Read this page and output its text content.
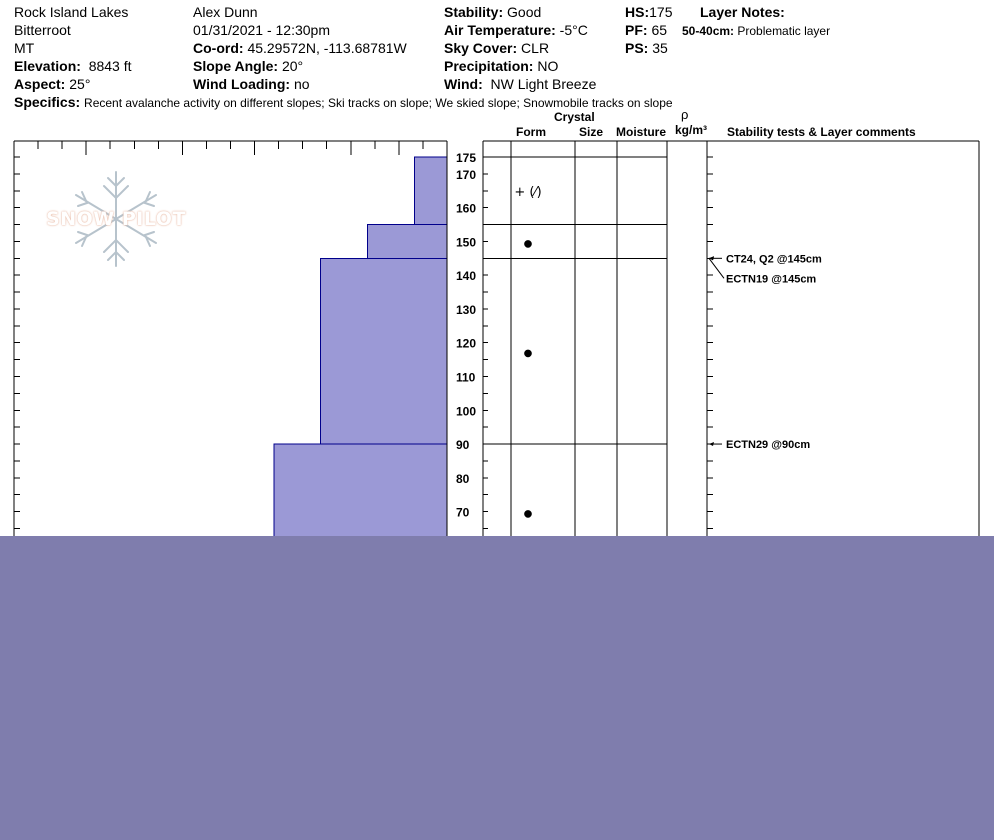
Rock Island Lakes
Bitterroot
MT
Elevation: 8843 ft
Aspect: 25°
Alex Dunn
01/31/2021 - 12:30pm
Co-ord: 45.29572N, -113.68781W
Slope Angle: 20°
Wind Loading: no
Stability: Good
Air Temperature: -5°C
Sky Cover: CLR
Precipitation: NO
Wind: NW Light Breeze
HS:175
PF: 65
PS: 35
Layer Notes:
50-40cm: Problematic layer
Specifics: Recent avalanche activity on different slopes; Ski tracks on slope; We skied slope; Snowmobile tracks on slope
Crystal
Form	Size Moisture
ρ
kg/m³ Stability tests & Layer comments
175
170
160
150
140
130
120
110
100
90
80
70
+ (⁄)
●
●
●
CT24, Q2 @145cm
ECTN19 @145cm
ECTN29 @90cm
SNOW PILOT
